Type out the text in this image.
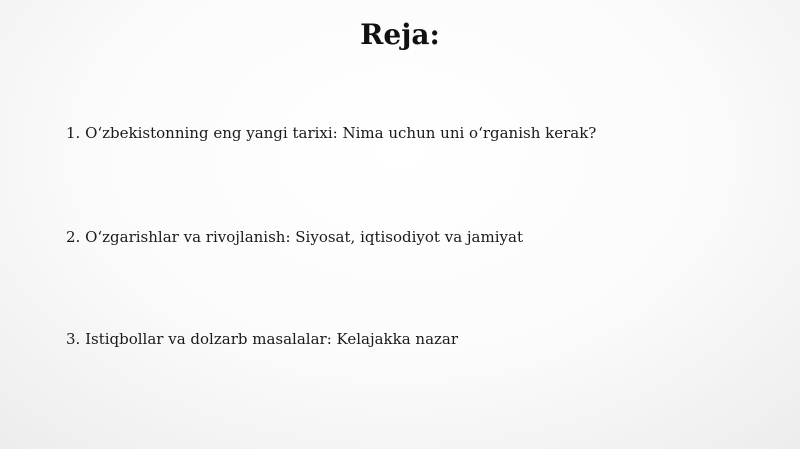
Reja:
1. O‘zbekistonning eng yangi tarixi: Nima uchun uni o‘rganish kerak?
2. O‘zgarishlar va rivojlanish: Siyosat, iqtisodiyot va jamiyat
3. Istiqbollar va dolzarb masalalar: Kelajakka nazar
